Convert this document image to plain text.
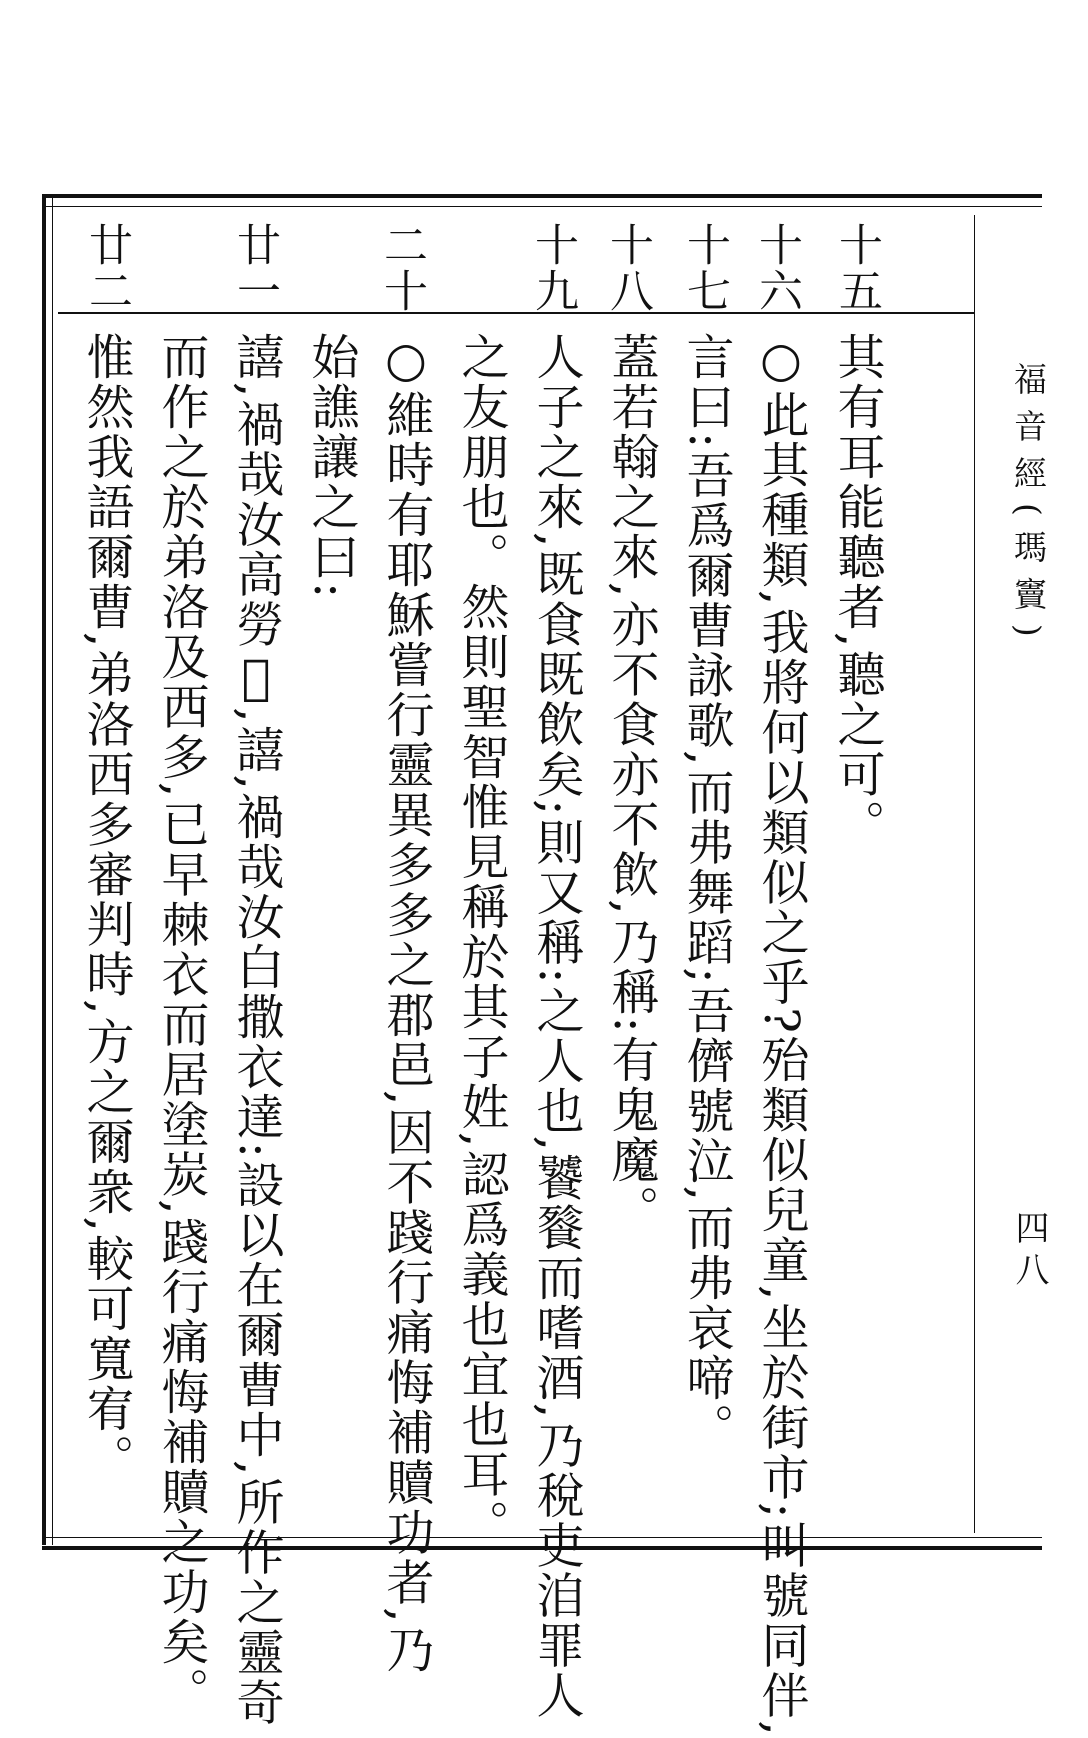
福音經(瑪竇)
四八
十五
十六
十七
十八
十九
二十
廿一
廿二
其有耳能聽者,聽之可。
○此其種類,我將何以類似之乎?殆類似兒童,坐於街市;叫號同伴,
言曰:吾爲爾曹詠歌,而弗舞蹈;吾儕號泣,而弗哀啼。
蓋若翰之來,亦不食亦不飲,乃稱:有鬼魔。
人子之來,既食既飲矣;則又稱:之人也,饕餮而嗜酒,乃稅吏洎罪人
之友朋也。然則聖智惟見稱於其子姓,認爲義也宜也耳。
○維時有耶穌嘗行靈異多多之郡邑,因不踐行痛悔補贖功者,乃
始譙讓之曰:
譆,禍哉汝高勞𠇇,譆,禍哉汝白撒衣達:設以在爾曹中,所作之靈奇
而作之於弟洛及西多,已早棘衣而居塗炭,踐行痛悔補贖之功矣。
惟然我語爾曹,弟洛西多審判時,方之爾衆,較可寬宥。
